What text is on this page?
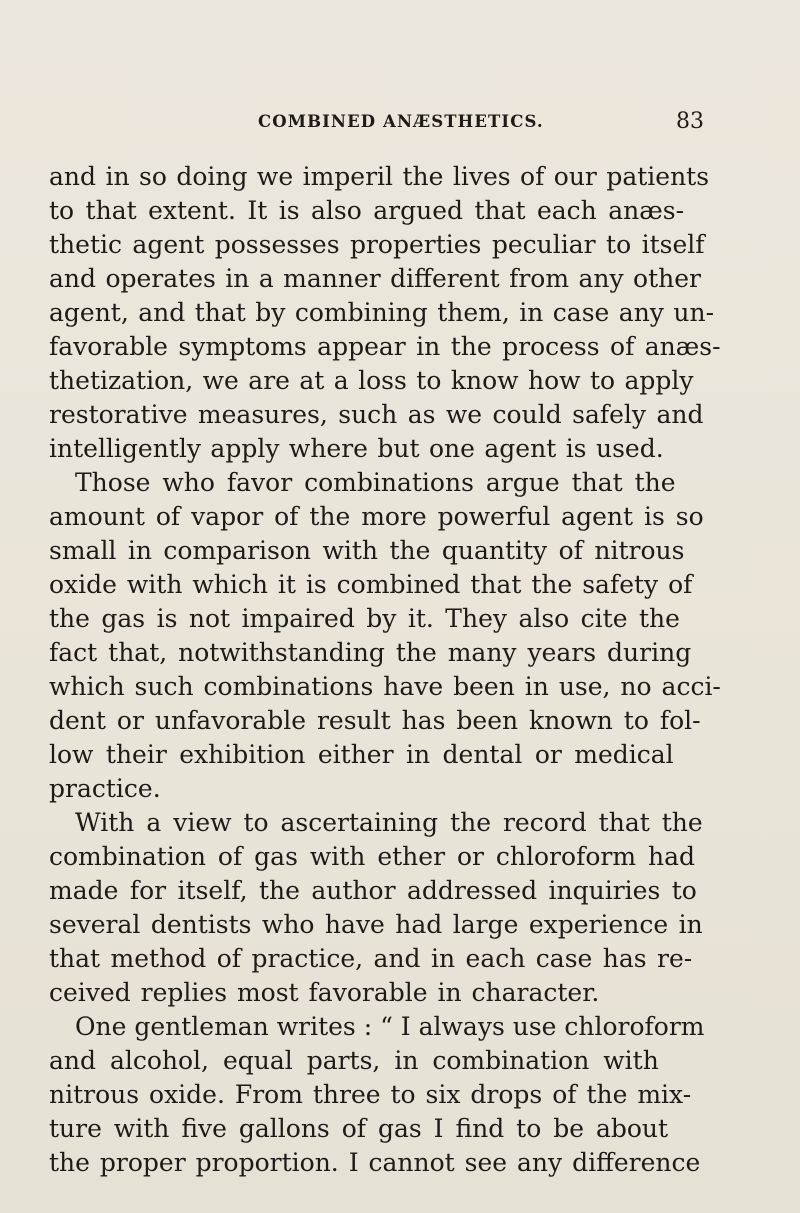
COMBINED ANÆSTHETICS.	83
and in so doing we imperil the lives of our patients
to that extent. It is also argued that each anæs-
thetic agent possesses properties peculiar to itself
and operates in a manner different from any other
agent, and that by combining them, in case any un-
favorable symptoms appear in the process of anæs-
thetization, we are at a loss to know how to apply
restorative measures, such as we could safely and
intelligently apply where but one agent is used.
Those who favor combinations argue that the
amount of vapor of the more powerful agent is so
small in comparison with the quantity of nitrous
oxide with which it is combined that the safety of
the gas is not impaired by it. They also cite the
fact that, notwithstanding the many years during
which such combinations have been in use, no acci-
dent or unfavorable result has been known to fol-
low their exhibition either in dental or medical
practice.
With a view to ascertaining the record that the
combination of gas with ether or chloroform had
made for itself, the author addressed inquiries to
several dentists who have had large experience in
that method of practice, and in each case has re-
ceived replies most favorable in character.
One gentleman writes : “ I always use chloroform
and alcohol, equal parts, in combination with
nitrous oxide. From three to six drops of the mix-
ture with five gallons of gas I find to be about
the proper proportion. I cannot see any difference
